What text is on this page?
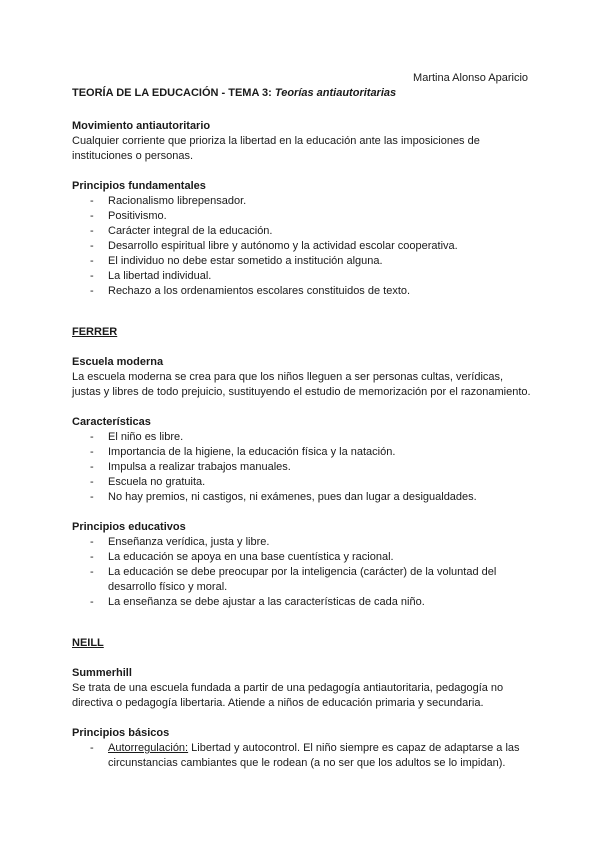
Martina Alonso Aparicio
TEORÍA DE LA EDUCACIÓN - TEMA 3: Teorías antiautoritarias
Movimiento antiautoritario
Cualquier corriente que prioriza la libertad en la educación ante las imposiciones de instituciones o personas.
Principios fundamentales
- Racionalismo librepensador.
- Positivismo.
- Carácter integral de la educación.
- Desarrollo espiritual libre y autónomo y la actividad escolar cooperativa.
- El individuo no debe estar sometido a institución alguna.
- La libertad individual.
- Rechazo a los ordenamientos escolares constituidos de texto.
FERRER
Escuela moderna
La escuela moderna se crea para que los niños lleguen a ser personas cultas, verídicas, justas y libres de todo prejuicio, sustituyendo el estudio de memorización por el razonamiento.
Características
- El niño es libre.
- Importancia de la higiene, la educación física y la natación.
- Impulsa a realizar trabajos manuales.
- Escuela no gratuita.
- No hay premios, ni castigos, ni exámenes, pues dan lugar a desigualdades.
Principios educativos
- Enseñanza verídica, justa y libre.
- La educación se apoya en una base cuentística y racional.
- La educación se debe preocupar por la inteligencia (carácter) de la voluntad del desarrollo físico y moral.
- La enseñanza se debe ajustar a las características de cada niño.
NEILL
Summerhill
Se trata de una escuela fundada a partir de una pedagogía antiautoritaria, pedagogía no directiva o pedagogía libertaria. Atiende a niños de educación primaria y secundaria.
Principios básicos
- Autorregulación: Libertad y autocontrol. El niño siempre es capaz de adaptarse a las circunstancias cambiantes que le rodean (a no ser que los adultos se lo impidan).
